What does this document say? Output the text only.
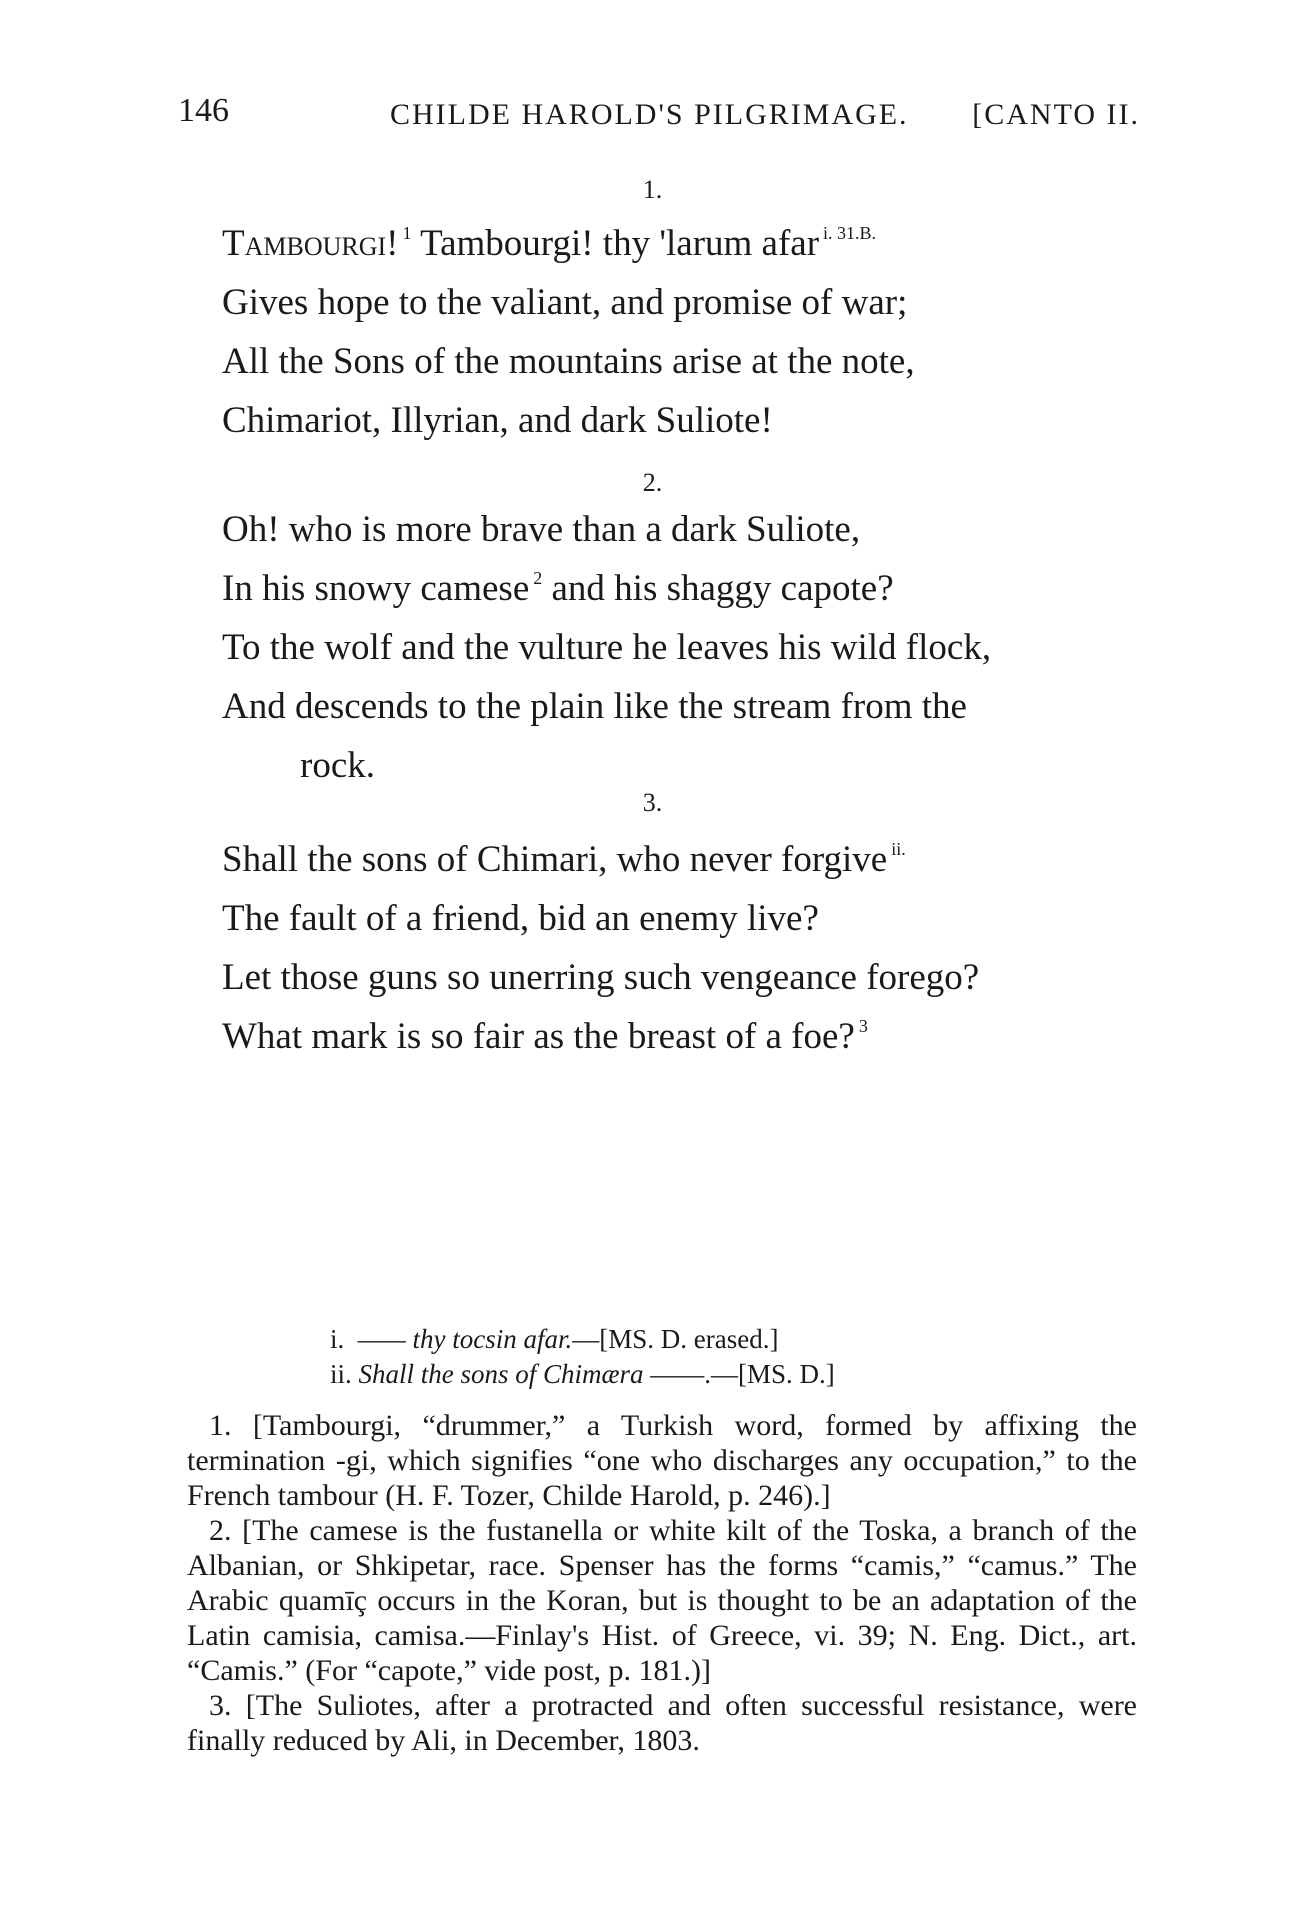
146	CHILDE HAROLD'S PILGRIMAGE. [CANTO II.
1.
Tambourgi! $^1$ Tambourgi! thy 'larum afar $^{i. 31.B.}$
Gives hope to the valiant, and promise of war;
All the Sons of the mountains arise at the note,
Chimariot, Illyrian, and dark Suliote!
2.
Oh! who is more brave than a dark Suliote,
In his snowy camese $^2$ and his shaggy capote?
To the wolf and the vulture he leaves his wild flock,
And descends to the plain like the stream from the
rock.
3.
Shall the sons of Chimari, who never forgive $^{ii.}$
The fault of a friend, bid an enemy live?
Let those guns so unerring such vengeance forego?
What mark is so fair as the breast of a foe? $^3$
i. —— thy tocsin afar.—[MS. D. erased.]
ii. Shall the sons of Chimæra ——.—[MS. D.]

1. [Tambourgi, “drummer,” a Turkish word, formed by affixing the termination -gi, which signifies “one who discharges any occupation,” to the French tambour (H. F. Tozer, Childe Harold, p. 246).]

2. [The camese is the fustanella or white kilt of the Toska, a branch of the Albanian, or Shkipetar, race. Spenser has the forms “camis,” “camus.” The Arabic quamīç occurs in the Koran, but is thought to be an adaptation of the Latin camisia, camisa.—Finlay's Hist. of Greece, vi. 39; N. Eng. Dict., art. “Camis.” (For “capote,” vide post, p. 181.)]

3. [The Suliotes, after a protracted and often successful resistance, were finally reduced by Ali, in December, 1803.
